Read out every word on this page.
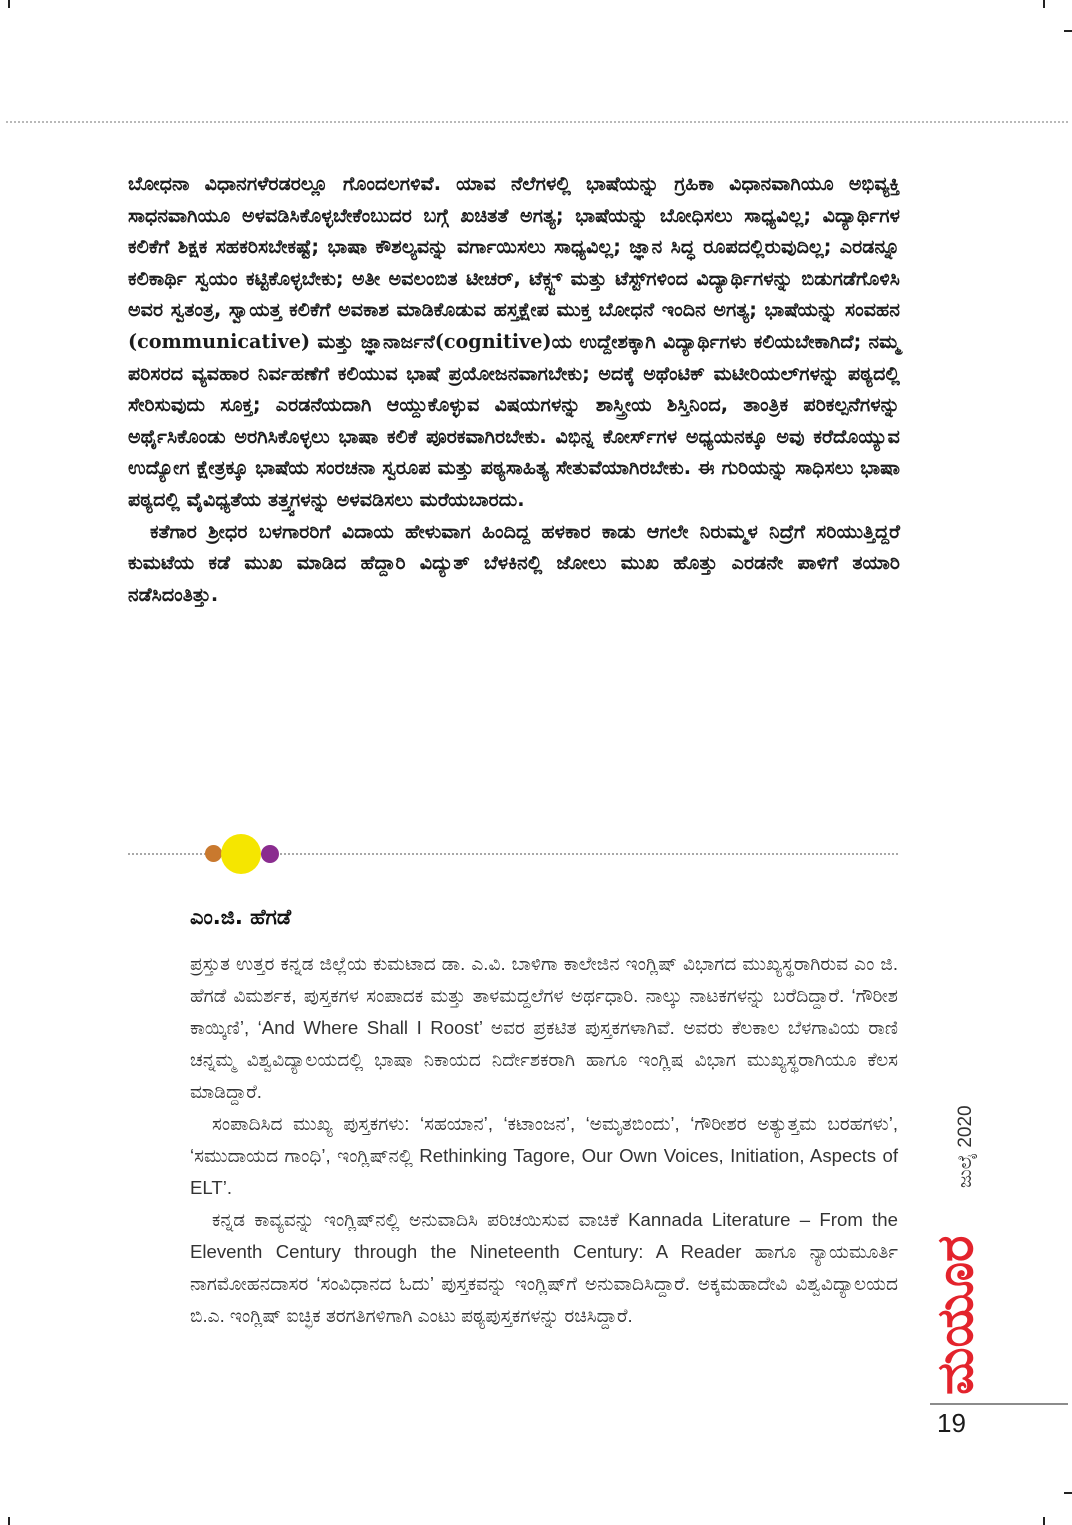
ಬೋಧನಾ ವಿಧಾನಗಳೆರಡರಲ್ಲೂ ಗೊಂದಲಗಳಿವೆ. ಯಾವ ನೆಲೆಗಳಲ್ಲಿ ಭಾಷೆಯನ್ನು ಗ್ರಹಿಕಾ ವಿಧಾನವಾಗಿಯೂ ಅಭಿವ್ಯಕ್ತಿ ಸಾಧನವಾಗಿಯೂ ಅಳವಡಿಸಿಕೊಳ್ಳಬೇಕೆಂಬುದರ ಬಗ್ಗೆ ಖಚಿತತೆ ಅಗತ್ಯ; ಭಾಷೆಯನ್ನು ಬೋಧಿಸಲು ಸಾಧ್ಯವಿಲ್ಲ; ವಿದ್ಯಾರ್ಥಿಗಳ ಕಲಿಕೆಗೆ ಶಿಕ್ಷಕ ಸಹಕರಿಸಬೇಕಷ್ಟೆ; ಭಾಷಾ ಕೌಶಲ್ಯವನ್ನು ವರ್ಗಾಯಿಸಲು ಸಾಧ್ಯವಿಲ್ಲ; ಜ್ಞಾನ ಸಿದ್ಧ ರೂಪದಲ್ಲಿರುವುದಿಲ್ಲ; ಎರಡನ್ನೂ ಕಲಿಕಾರ್ಥಿ ಸ್ವಯಂ ಕಟ್ಟಿಕೊಳ್ಳಬೇಕು; ಅತೀ ಅವಲಂಬಿತ ಟೀಚರ್, ಟೆಕ್ಸ್ಟ್ ಮತ್ತು ಟೆಸ್ಟ್‌ಗಳಿಂದ ವಿದ್ಯಾರ್ಥಿಗಳನ್ನು ಬಿಡುಗಡೆಗೊಳಿಸಿ ಅವರ ಸ್ವತಂತ್ರ, ಸ್ವಾಯತ್ತ ಕಲಿಕೆಗೆ ಅವಕಾಶ ಮಾಡಿಕೊಡುವ ಹಸ್ತಕ್ಷೇಪ ಮುಕ್ತ ಬೋಧನೆ ಇಂದಿನ ಅಗತ್ಯ; ಭಾಷೆಯನ್ನು ಸಂವಹನ (communicative) ಮತ್ತು ಜ್ಞಾನಾರ್ಜನೆ(cognitive)ಯ ಉದ್ದೇಶಕ್ಕಾಗಿ ವಿದ್ಯಾರ್ಥಿಗಳು ಕಲಿಯಬೇಕಾಗಿದೆ; ನಮ್ಮ ಪರಿಸರದ ವ್ಯವಹಾರ ನಿರ್ವಹಣೆಗೆ ಕಲಿಯುವ ಭಾಷೆ ಪ್ರಯೋಜನವಾಗಬೇಕು; ಅದಕ್ಕೆ ಅಥೆಂಟಿಕ್ ಮಟೀರಿಯಲ್‌ಗಳನ್ನು ಪಠ್ಯದಲ್ಲಿ ಸೇರಿಸುವುದು ಸೂಕ್ತ; ಎರಡನೆಯದಾಗಿ ಆಯ್ದುಕೊಳ್ಳುವ ವಿಷಯಗಳನ್ನು ಶಾಸ್ತ್ರೀಯ ಶಿಸ್ತಿನಿಂದ, ತಾಂತ್ರಿಕ ಪರಿಕಲ್ಪನೆಗಳನ್ನು ಅರ್ಥೈಸಿಕೊಂಡು ಅರಗಿಸಿಕೊಳ್ಳಲು ಭಾಷಾ ಕಲಿಕೆ ಪೂರಕವಾಗಿರಬೇಕು. ವಿಭಿನ್ನ ಕೋರ್ಸ್‌ಗಳ ಅಧ್ಯಯನಕ್ಕೂ ಅವು ಕರೆದೊಯ್ಯುವ ಉದ್ಯೋಗ ಕ್ಷೇತ್ರಕ್ಕೂ ಭಾಷೆಯ ಸಂರಚನಾ ಸ್ವರೂಪ ಮತ್ತು ಪಠ್ಯಸಾಹಿತ್ಯ ಸೇತುವೆಯಾಗಿರಬೇಕು. ಈ ಗುರಿಯನ್ನು ಸಾಧಿಸಲು ಭಾಷಾ ಪಠ್ಯದಲ್ಲಿ ವೈವಿಧ್ಯತೆಯ ತತ್ತ್ವಗಳನ್ನು ಅಳವಡಿಸಲು ಮರೆಯಬಾರದು.

ಕತೆಗಾರ ಶ್ರೀಧರ ಬಳಗಾರರಿಗೆ ವಿದಾಯ ಹೇಳುವಾಗ ಹಿಂದಿದ್ದ ಹಳಕಾರ ಕಾಡು ಆಗಲೇ ನಿರುಮ್ಮಳ ನಿದ್ರೆಗೆ ಸರಿಯುತ್ತಿದ್ದರೆ ಕುಮಟೆಯ ಕಡೆ ಮುಖ ಮಾಡಿದ ಹೆದ್ದಾರಿ ವಿದ್ಯುತ್ ಬೆಳಕಿನಲ್ಲಿ ಜೋಲು ಮುಖ ಹೊತ್ತು ಎರಡನೇ ಪಾಳಿಗೆ ತಯಾರಿ ನಡೆಸಿದಂತಿತ್ತು.

ಎಂ.ಜಿ. ಹೆಗಡೆ

ಪ್ರಸ್ತುತ ಉತ್ತರ ಕನ್ನಡ ಜಿಲ್ಲೆಯ ಕುಮಟಾದ ಡಾ. ಎ.ವಿ. ಬಾಳಿಗಾ ಕಾಲೇಜಿನ ಇಂಗ್ಲಿಷ್ ವಿಭಾಗದ ಮುಖ್ಯಸ್ಥರಾಗಿರುವ ಎಂ ಜಿ. ಹೆಗಡೆ ವಿಮರ್ಶಕ, ಪುಸ್ತಕಗಳ ಸಂಪಾದಕ ಮತ್ತು ತಾಳಮದ್ದಲೆಗಳ ಅರ್ಥಧಾರಿ. ನಾಲ್ಕು ನಾಟಕಗಳನ್ನು ಬರೆದಿದ್ದಾರೆ. ‘ಗೌರೀಶ ಕಾಯ್ಕಿಣಿ’, ‘And Where Shall I Roost’ ಅವರ ಪ್ರಕಟಿತ ಪುಸ್ತಕಗಳಾಗಿವೆ. ಅವರು ಕೆಲಕಾಲ ಬೆಳಗಾವಿಯ ರಾಣಿ ಚನ್ನಮ್ಮ ವಿಶ್ವವಿದ್ಯಾಲಯದಲ್ಲಿ ಭಾಷಾ ನಿಕಾಯದ ನಿರ್ದೇಶಕರಾಗಿ ಹಾಗೂ ಇಂಗ್ಲಿಷ ವಿಭಾಗ ಮುಖ್ಯಸ್ಥರಾಗಿಯೂ ಕೆಲಸ ಮಾಡಿದ್ದಾರೆ.

ಸಂಪಾದಿಸಿದ ಮುಖ್ಯ ಪುಸ್ತಕಗಳು: ‘ಸಹಯಾನ’, ‘ಕಟಾಂಜನ’, ‘ಅಮೃತಬಿಂದು’, ‘ಗೌರೀಶರ ಅತ್ಯುತ್ತಮ ಬರಹಗಳು’, ‘ಸಮುದಾಯದ ಗಾಂಧಿ’, ಇಂಗ್ಲಿಷ್‌ನಲ್ಲಿ Rethinking Tagore, Our Own Voices, Initiation, Aspects of ELT’.

ಕನ್ನಡ ಕಾವ್ಯವನ್ನು ಇಂಗ್ಲಿಷ್‌ನಲ್ಲಿ ಅನುವಾದಿಸಿ ಪರಿಚಯಿಸುವ ವಾಚಿಕೆ Kannada Literature – From the Eleventh Century through the Nineteenth Century: A Reader ಹಾಗೂ ನ್ಯಾಯಮೂರ್ತಿ ನಾಗಮೋಹನದಾಸರ ‘ಸಂವಿಧಾನದ ಓದು’ ಪುಸ್ತಕವನ್ನು ಇಂಗ್ಲಿಷ್‌ಗೆ ಅನುವಾದಿಸಿದ್ದಾರೆ. ಅಕ್ಕಮಹಾದೇವಿ ವಿಶ್ವವಿದ್ಯಾಲಯದ ಬಿ.ಎ. ಇಂಗ್ಲಿಷ್ ಐಚ್ಛಿಕ ತರಗತಿಗಳಿಗಾಗಿ ಎಂಟು ಪಠ್ಯಪುಸ್ತಕಗಳನ್ನು ರಚಿಸಿದ್ದಾರೆ.

ಜುಲೈ 2020
ಮಯೂರ
19
